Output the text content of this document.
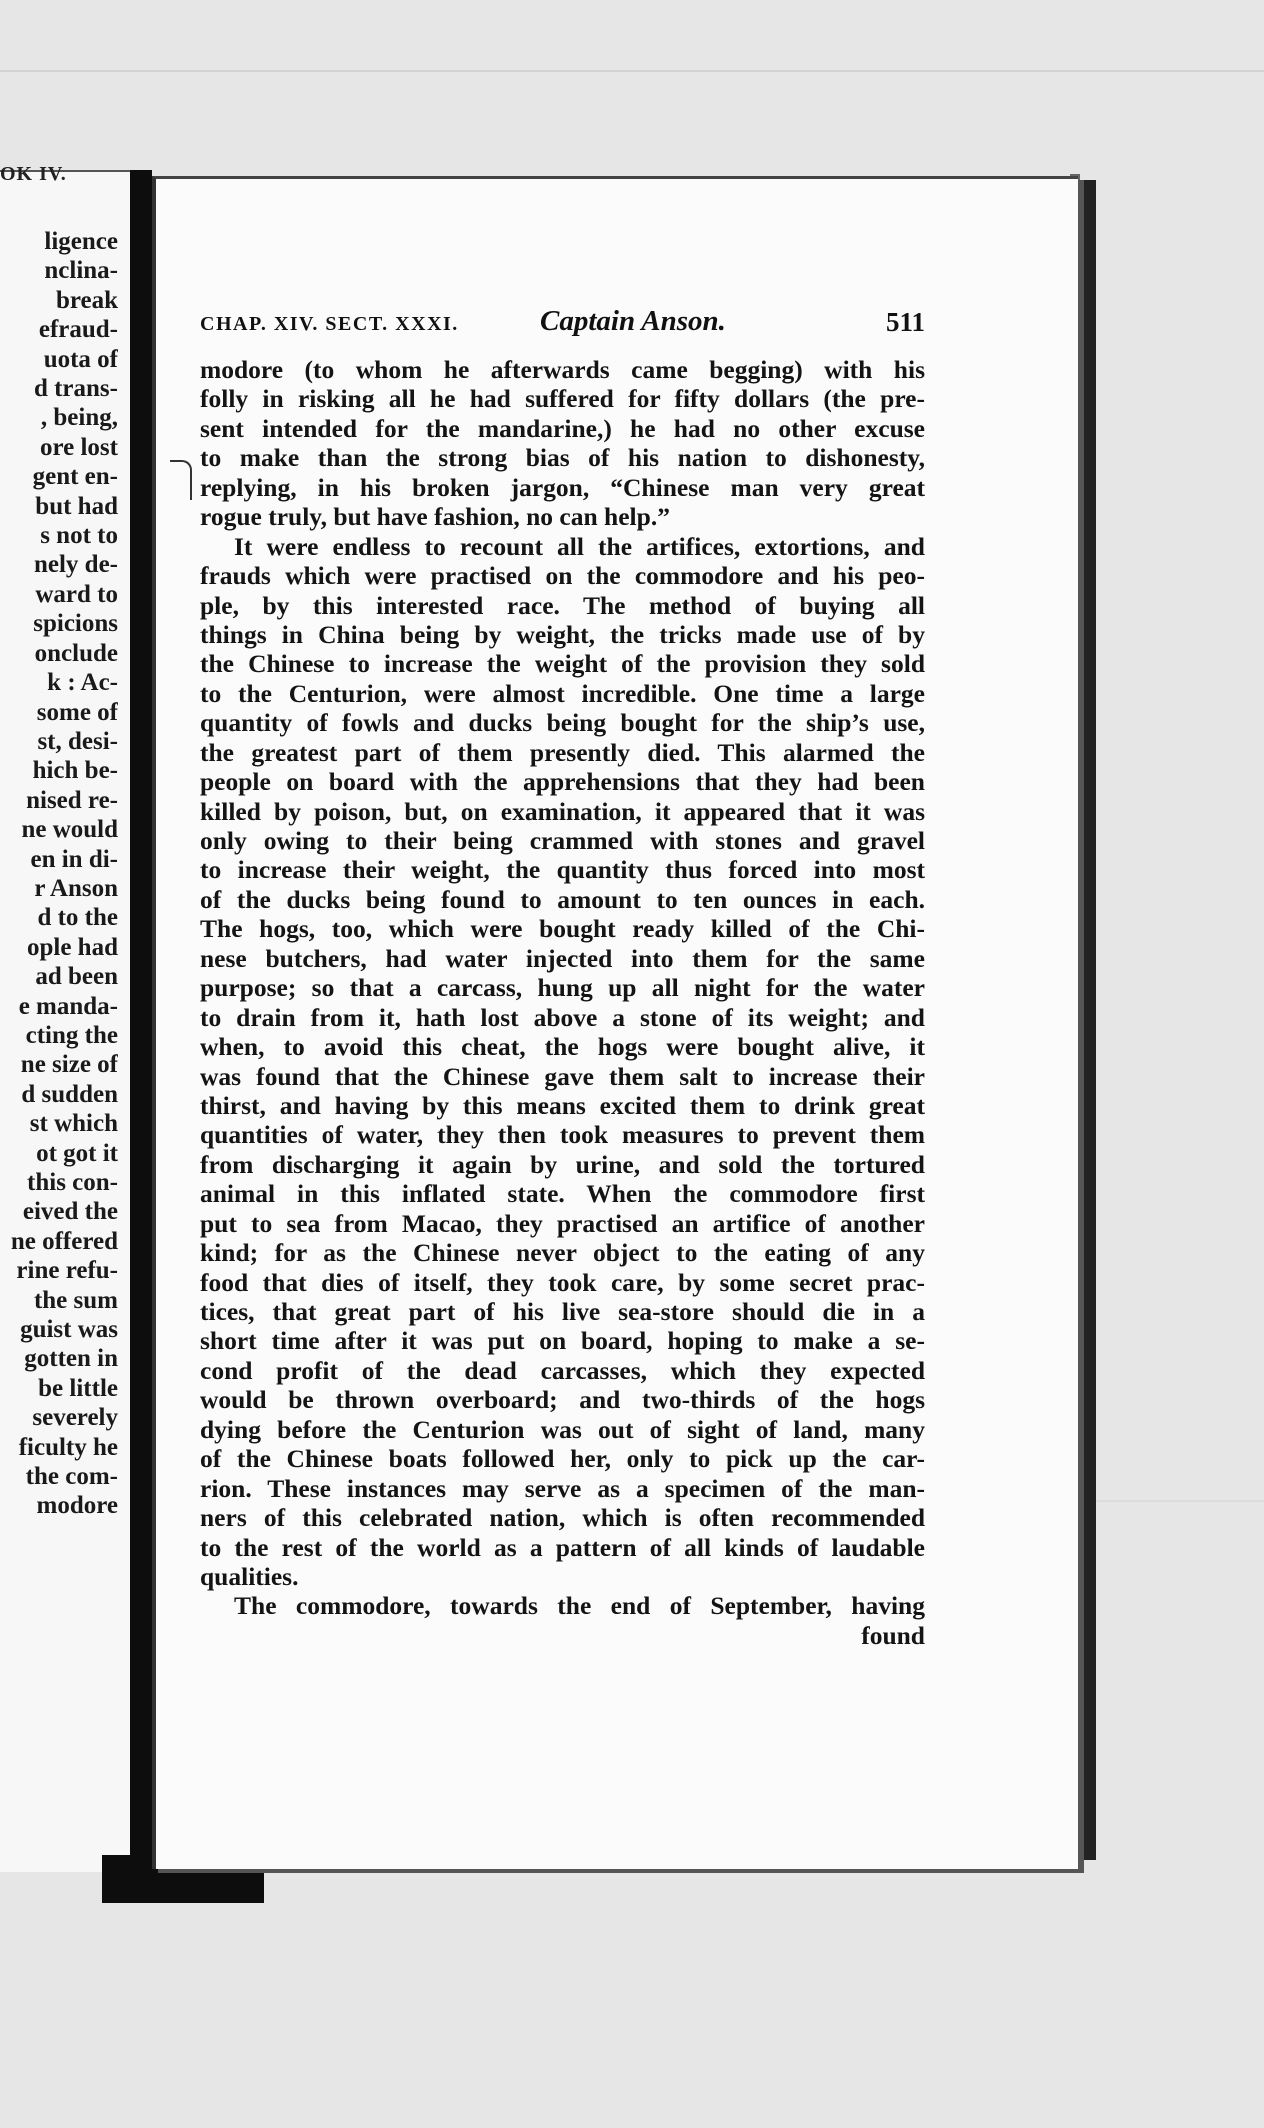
OK IV.
ligence
nclina-
break
efraud-
uota of
d trans-
, being,
ore lost
gent en-
but had
s not to
nely de-
ward to
spicions
onclude
k : Ac-
some of
st, desi-
hich be-
nised re-
ne would
en in di-
r Anson
d to the
ople had
ad been
e manda-
cting the
ne size of
d sudden
st which
ot got it
this con-
eived the
ne offered
rine refu-
the sum
guist was
gotten in
be little
severely
ficulty he
the com-
modore
CHAP. XIV. SECT. XXXI.	Captain Anson.	511
modore (to whom he afterwards came begging) with his
folly in risking all he had suffered for fifty dollars (the pre-
sent intended for the mandarine,) he had no other excuse
to make than the strong bias of his nation to dishonesty,
replying, in his broken jargon, “Chinese man very great
rogue truly, but have fashion, no can help.”
It were endless to recount all the artifices, extortions, and
frauds which were practised on the commodore and his peo-
ple, by this interested race. The method of buying all
things in China being by weight, the tricks made use of by
the Chinese to increase the weight of the provision they sold
to the Centurion, were almost incredible. One time a large
quantity of fowls and ducks being bought for the ship’s use,
the greatest part of them presently died. This alarmed the
people on board with the apprehensions that they had been
killed by poison, but, on examination, it appeared that it was
only owing to their being crammed with stones and gravel
to increase their weight, the quantity thus forced into most
of the ducks being found to amount to ten ounces in each.
The hogs, too, which were bought ready killed of the Chi-
nese butchers, had water injected into them for the same
purpose; so that a carcass, hung up all night for the water
to drain from it, hath lost above a stone of its weight; and
when, to avoid this cheat, the hogs were bought alive, it
was found that the Chinese gave them salt to increase their
thirst, and having by this means excited them to drink great
quantities of water, they then took measures to prevent them
from discharging it again by urine, and sold the tortured
animal in this inflated state. When the commodore first
put to sea from Macao, they practised an artifice of another
kind; for as the Chinese never object to the eating of any
food that dies of itself, they took care, by some secret prac-
tices, that great part of his live sea-store should die in a
short time after it was put on board, hoping to make a se-
cond profit of the dead carcasses, which they expected
would be thrown overboard; and two-thirds of the hogs
dying before the Centurion was out of sight of land, many
of the Chinese boats followed her, only to pick up the car-
rion. These instances may serve as a specimen of the man-
ners of this celebrated nation, which is often recommended
to the rest of the world as a pattern of all kinds of laudable
qualities.
The commodore, towards the end of September, having
found
